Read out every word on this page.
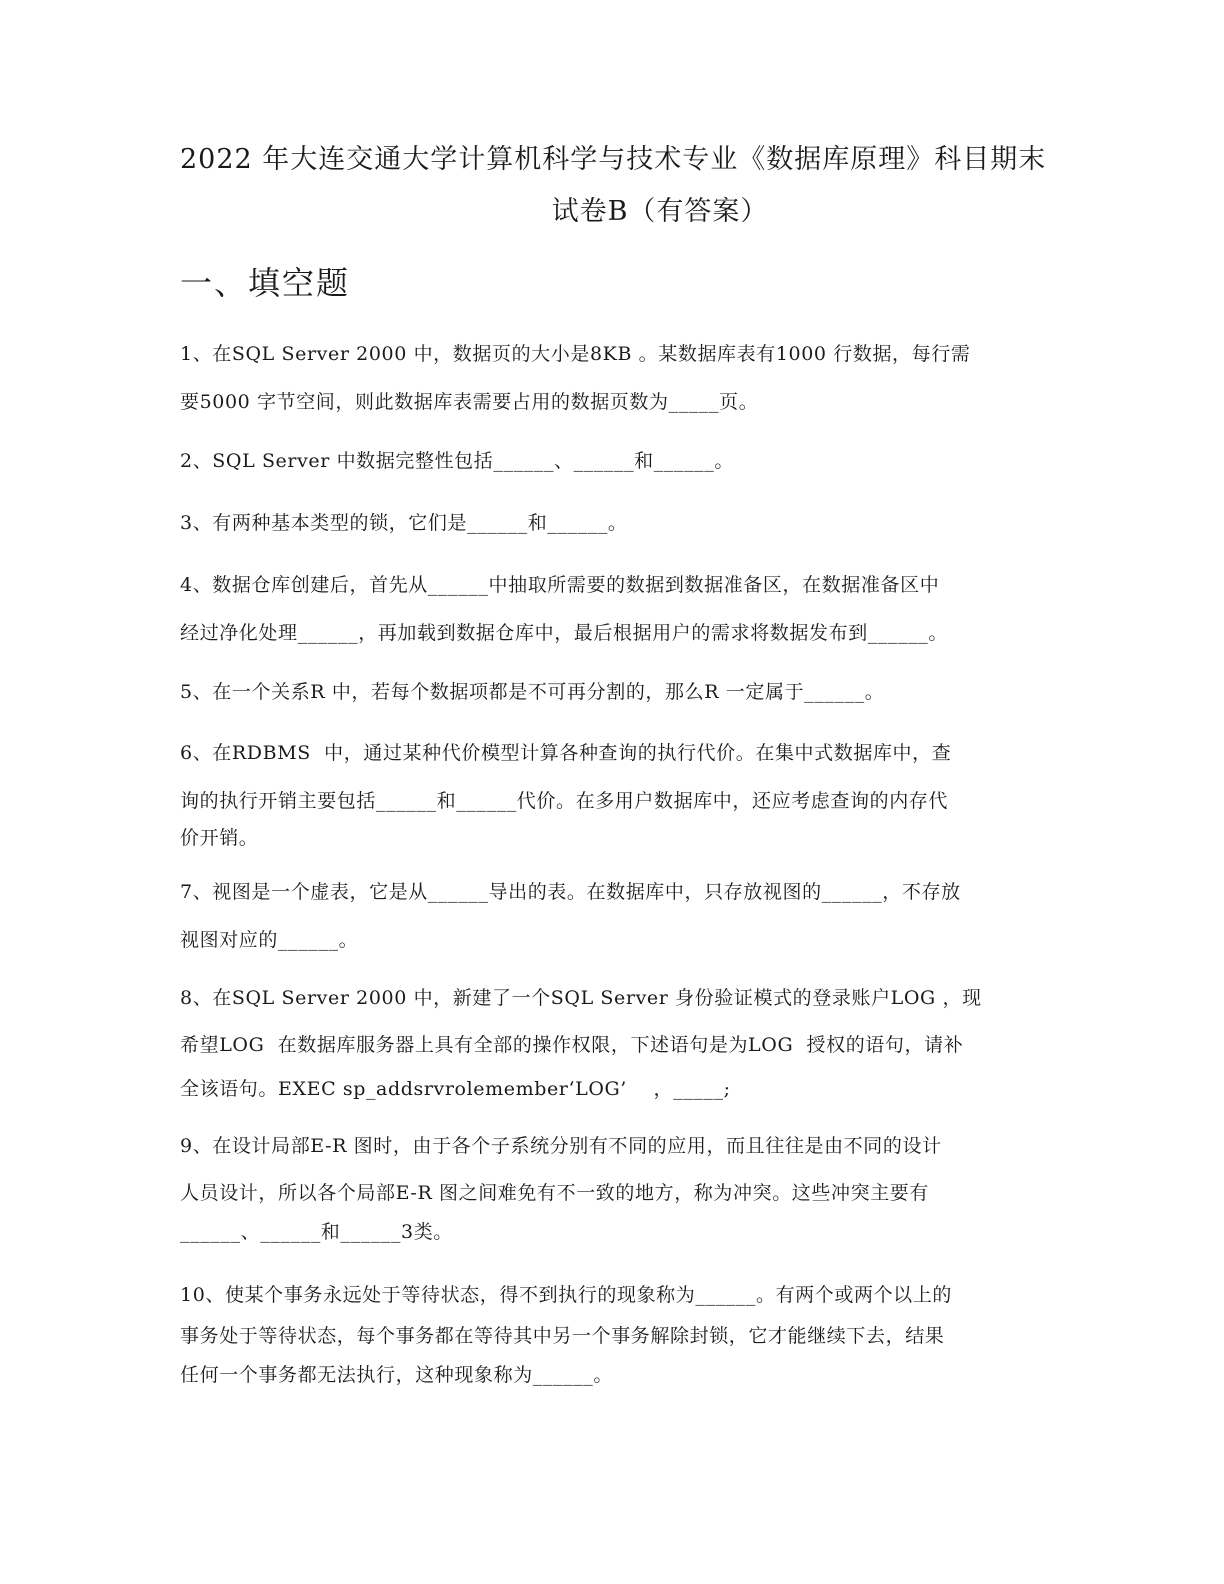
2022 年大连交通大学计算机科学与技术专业《数据库原理》科目期末
试卷B（有答案）
一、填空题
1、在SQL Server 2000 中，数据页的大小是8KB 。某数据库表有1000 行数据，每行需
要5000 字节空间，则此数据库表需要占用的数据页数为_____页。
2、SQL Server 中数据完整性包括______、______和______。
3、有两种基本类型的锁，它们是______和______。
4、数据仓库创建后，首先从______中抽取所需要的数据到数据准备区，在数据准备区中
经过净化处理______，再加载到数据仓库中，最后根据用户的需求将数据发布到______。
5、在一个关系R 中，若每个数据项都是不可再分割的，那么R 一定属于______。
6、在RDBMS  中，通过某种代价模型计算各种查询的执行代价。在集中式数据库中，查
询的执行开销主要包括______和______代价。在多用户数据库中，还应考虑查询的内存代
价开销。
7、视图是一个虚表，它是从______导出的表。在数据库中，只存放视图的______，不存放
视图对应的______。
8、在SQL Server 2000 中，新建了一个SQL Server 身份验证模式的登录账户LOG ，现
希望LOG  在数据库服务器上具有全部的操作权限，下述语句是为LOG  授权的语句，请补
全该语句。EXEC sp_addsrvrolemember‘LOG’    ，_____;
9、在设计局部E-R 图时，由于各个子系统分别有不同的应用，而且往往是由不同的设计
人员设计，所以各个局部E-R 图之间难免有不一致的地方，称为冲突。这些冲突主要有
______、______和______3类。
10、使某个事务永远处于等待状态，得不到执行的现象称为______。有两个或两个以上的
事务处于等待状态，每个事务都在等待其中另一个事务解除封锁，它才能继续下去，结果
任何一个事务都无法执行，这种现象称为______。
